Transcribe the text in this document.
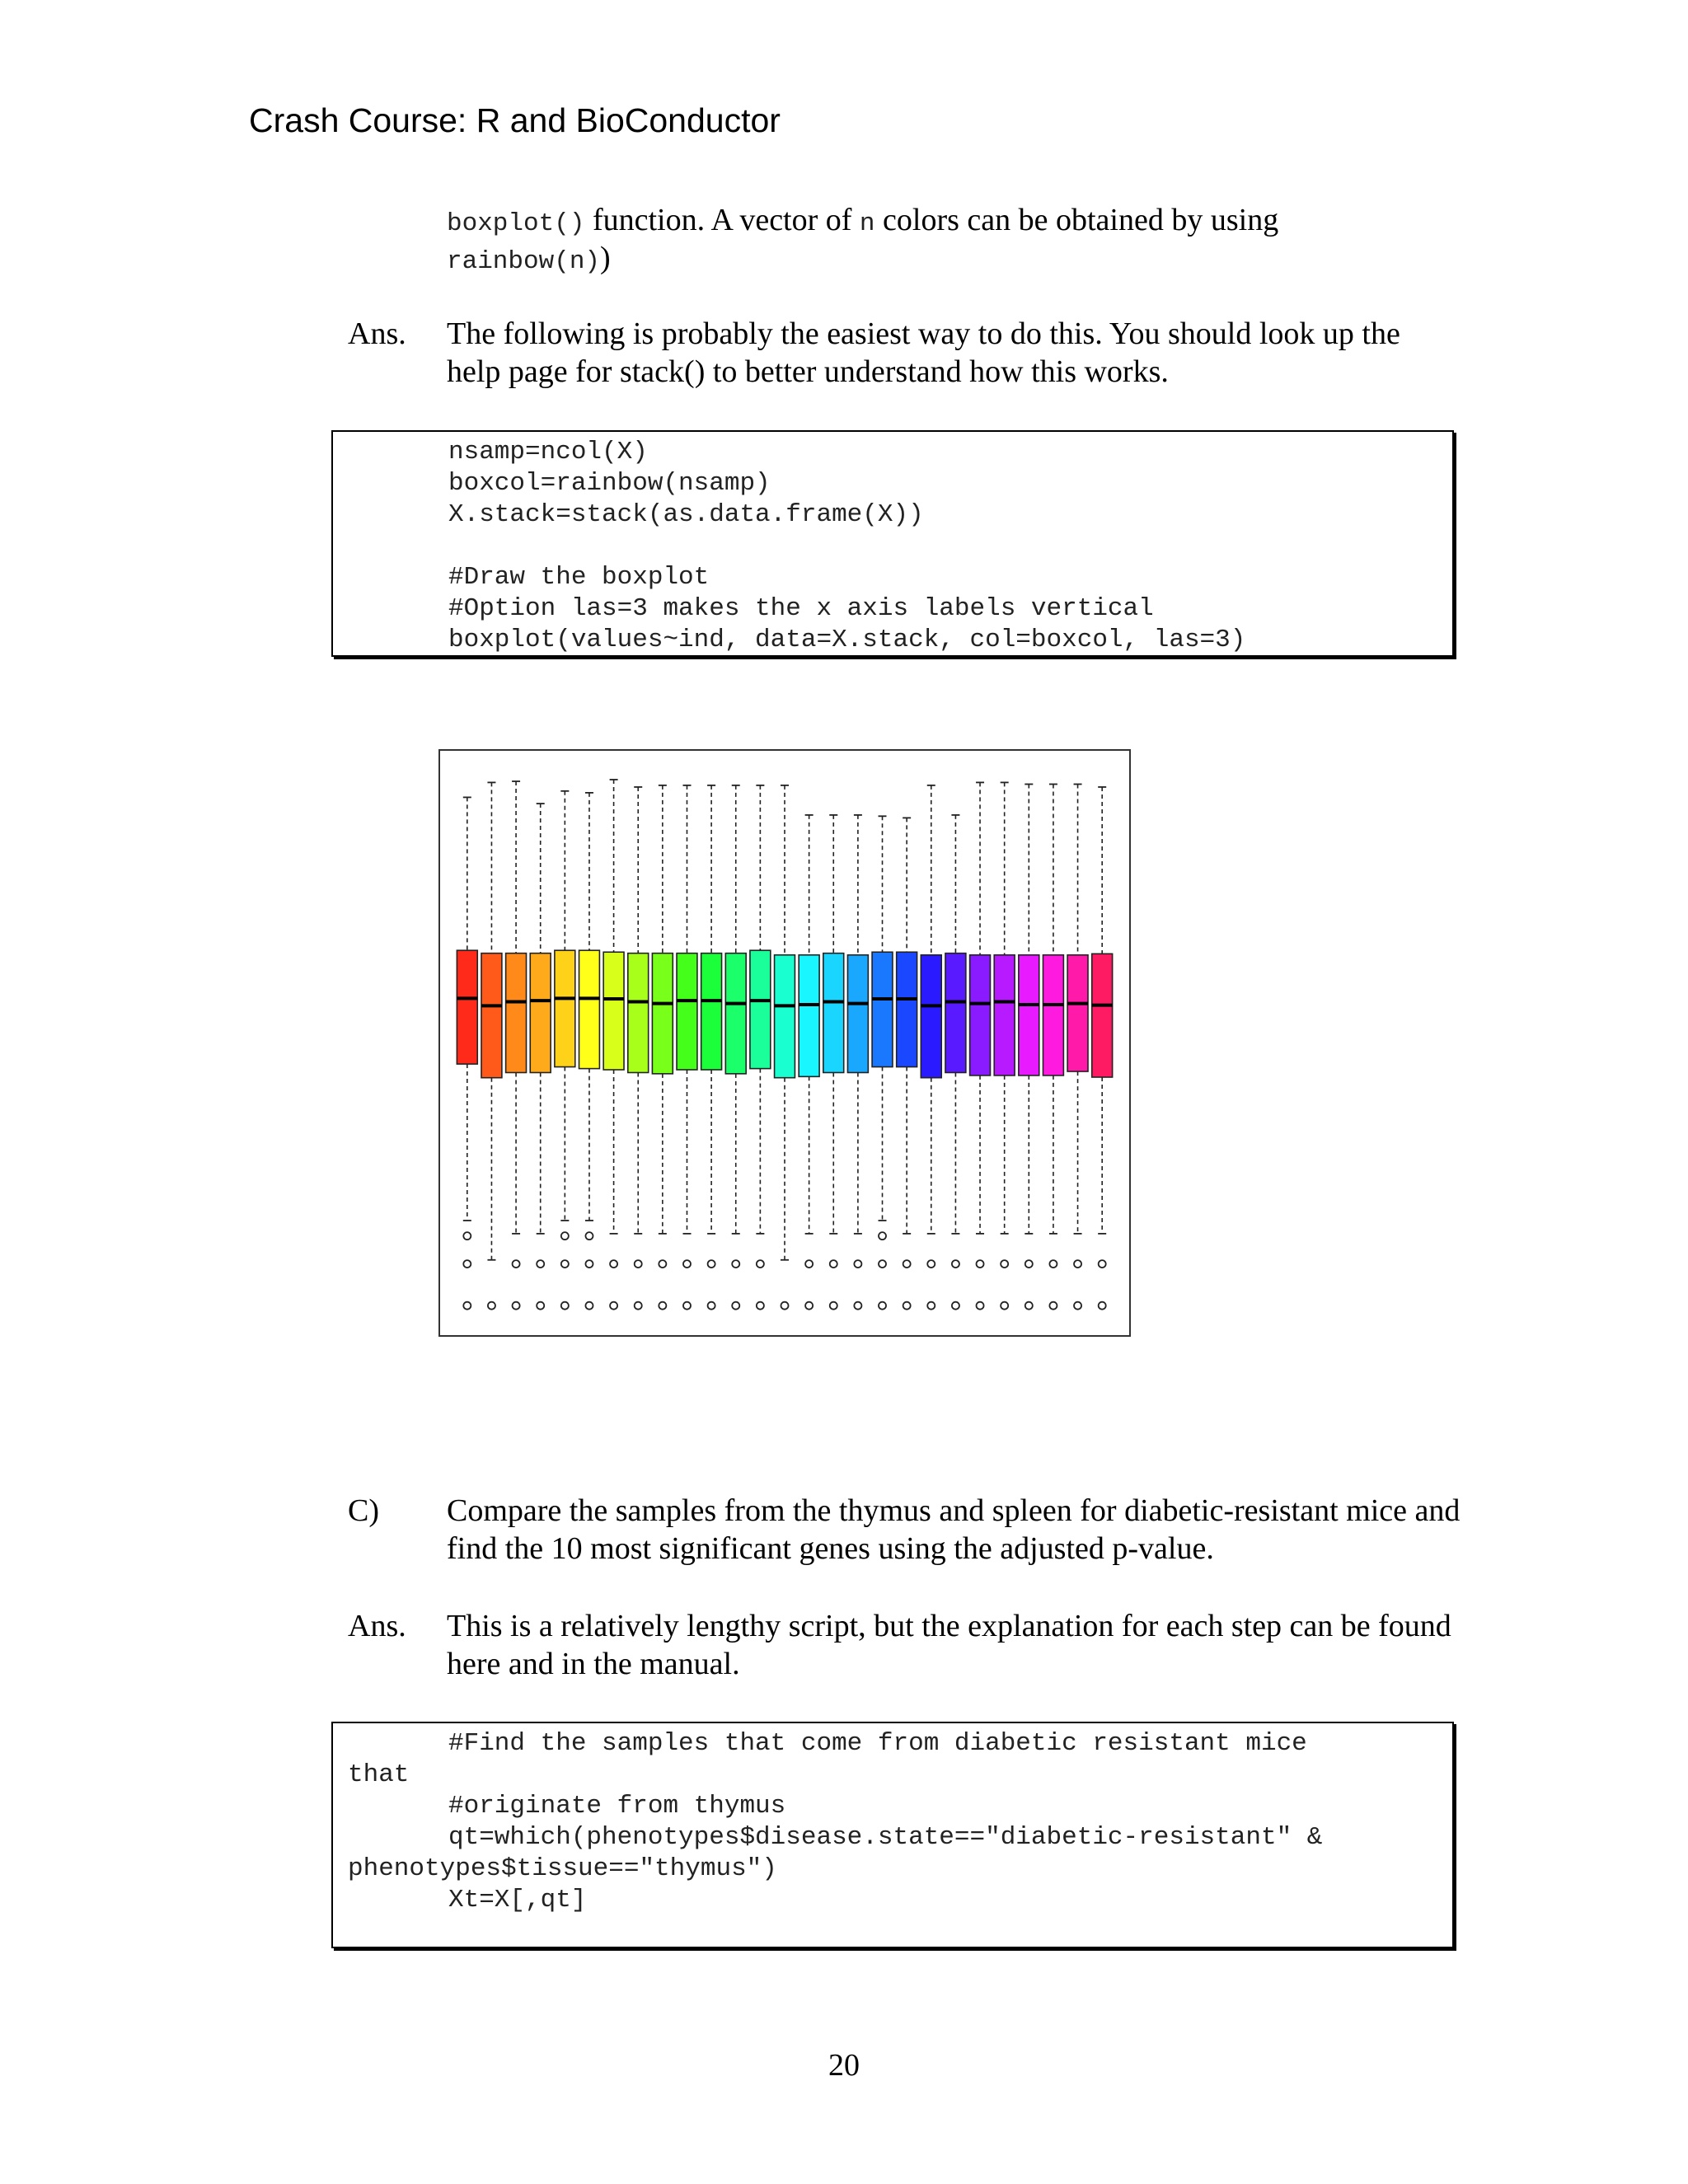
Crash Course: R and BioConductor
boxplot() function. A vector of n colors can be obtained by using
rainbow(n))
Ans. The following is probably the easiest way to do this. You should look up the help page for stack() to better understand how this works.
nsamp=ncol(X)
boxcol=rainbow(nsamp)
X.stack=stack(as.data.frame(X))
#Draw the boxplot
#Option las=3 makes the x axis labels vertical
boxplot(values~ind, data=X.stack, col=boxcol, las=3)
C) Compare the samples from the thymus and spleen for diabetic-resistant mice and find the 10 most significant genes using the adjusted p-value.
Ans. This is a relatively lengthy script, but the explanation for each step can be found here and in the manual.
#Find the samples that come from diabetic resistant mice
that
#originate from thymus
qt=which(phenotypes$disease.state=="diabetic-resistant" &
phenotypes$tissue=="thymus")
Xt=X[,qt]
20
